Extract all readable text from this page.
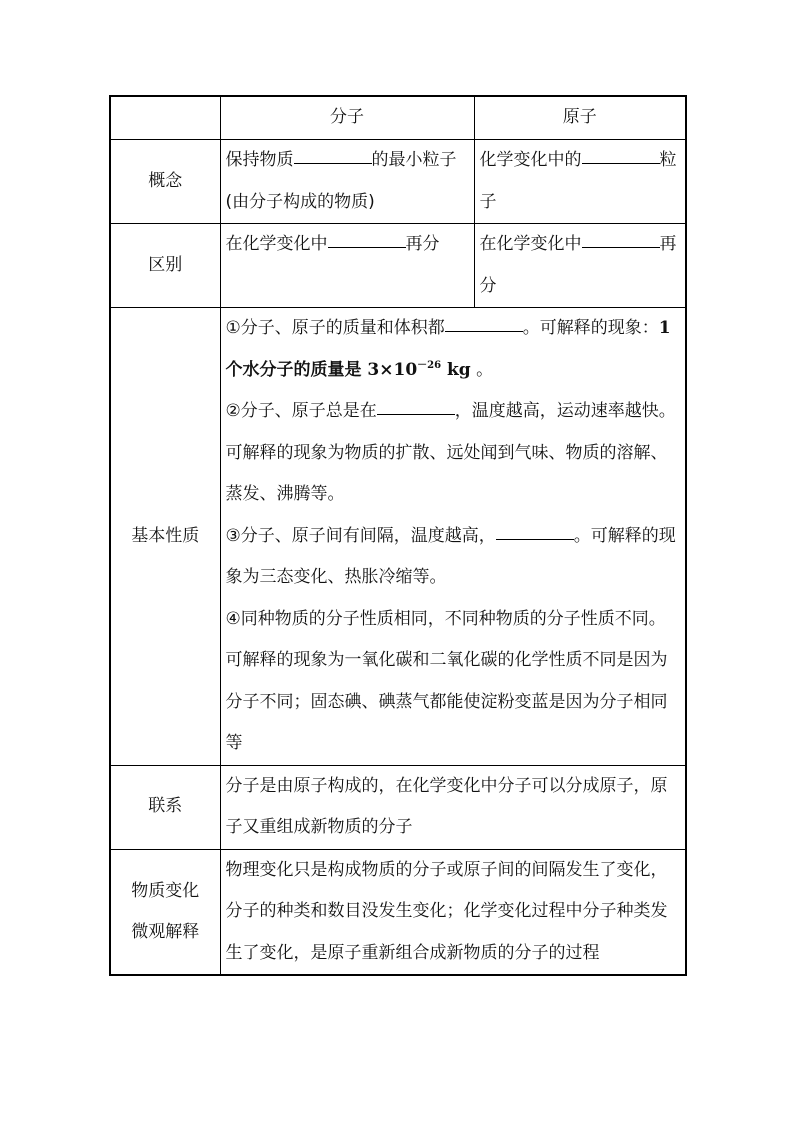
	分子	原子
概念	保持物质 的最小粒子(由分子构成的物质)	化学变化中的 粒子
区别	在化学变化中 再分	在化学变化中 再分
基本性质	①分子、原子的质量和体积都 。可解释的现象：1 个水分子的质量是 $3\times 10^{-26}$ kg 。
②分子、原子总是在 ，温度越高，运动速率越快。可解释的现象为物质的扩散、远处闻到气味、物质的溶解、蒸发、沸腾等。
③分子、原子间有间隔，温度越高， 。可解释的现象为三态变化、热胀冷缩等。
④同种物质的分子性质相同，不同种物质的分子性质不同。可解释的现象为一氧化碳和二氧化碳的化学性质不同是因为分子不同；固态碘、碘蒸气都能使淀粉变蓝是因为分子相同等	

联系	分子是由原子构成的，在化学变化中分子可以分成原子，原子又重组成新物质的分子	
物质变化
微观解释	物理变化只是构成物质的分子或原子间的间隔发生了变化，分子的种类和数目没发生变化；化学变化过程中分子种类发生了变化，是原子重新组合成新物质的分子的过程	
